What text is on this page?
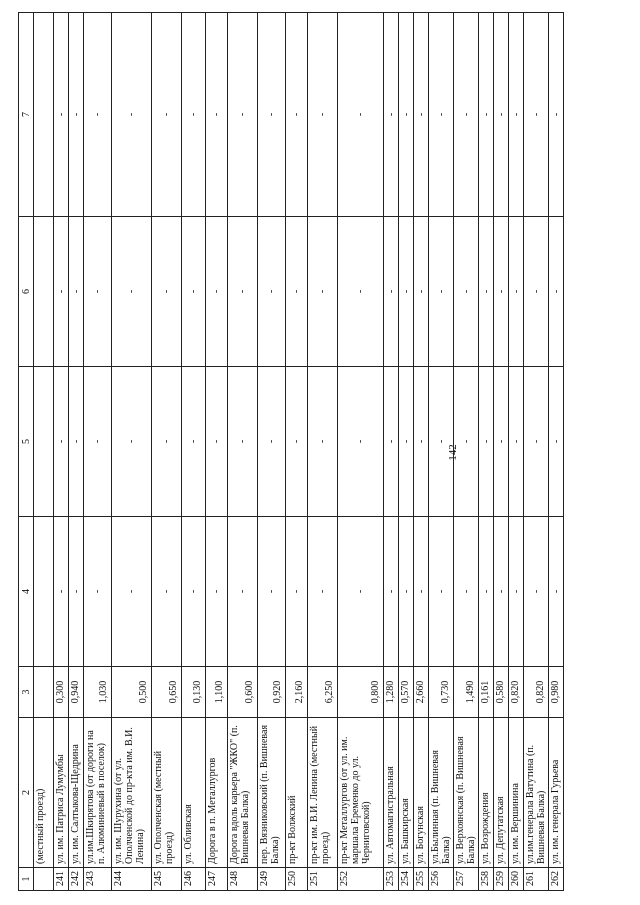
142
1	2	3	4	5	6	7
	(местный проезд)					
241	ул. им. Патриса Лумумбы	0,300	-	-	-	-
242	ул. им. Салтыкова-Щедрина	0,940	-	-	-	-
243	ул.им.Шкирятова (от дороги на п. Алюминиевый в поселок)	1,030	-	-	-	-
244	ул. им. Шурухина (от ул. Ополченской до пр-кта им. В.И. Ленина)	0,500	-	-	-	-
245	ул. Ополченская (местный проезд)	0,650	-	-	-	-
246	ул. Обливская	0,130	-	-	-	-
247	Дорога в п. Металлургов	1,100	-	-	-	-
248	Дорога вдоль карьера "ЖКО" (п. Вишневая Балка)	0,600	-	-	-	-
249	пер. Вязниковский (п. Вишневая Балка)	0,920	-	-	-	-
250	пр-кт Волжский	2,160	-	-	-	-
251	пр-кт им. В.И. Ленина (местный проезд)	6,250	-	-	-	-
252	пр-кт Металлургов (от ул. им. маршала Еременко до ул. Черниговской)	0,800	-	-	-	-
253	ул. Автомагистральная	1,280	-	-	-	-
254	ул. Башкирская	0,570	-	-	-	-
255	ул. Богунская	2,660	-	-	-	-
256	ул.Былинная (п. Вишневая Балка)	0,730	-	-	-	-
257	ул. Верхоянская (п. Вишневая Балка)	1,490	-	-	-	-
258	ул. Возрождения	0,161	-	-	-	-
259	ул. Депутатская	0,580	-	-	-	-
260	ул. им. Вершинина	0,820	-	-	-	-
261	ул.им.генерала Ватутина (п. Вишневая Балка)	0,820	-	-	-	-
262	ул. им. генерала Гурьева	0,980	-	-	-	-
